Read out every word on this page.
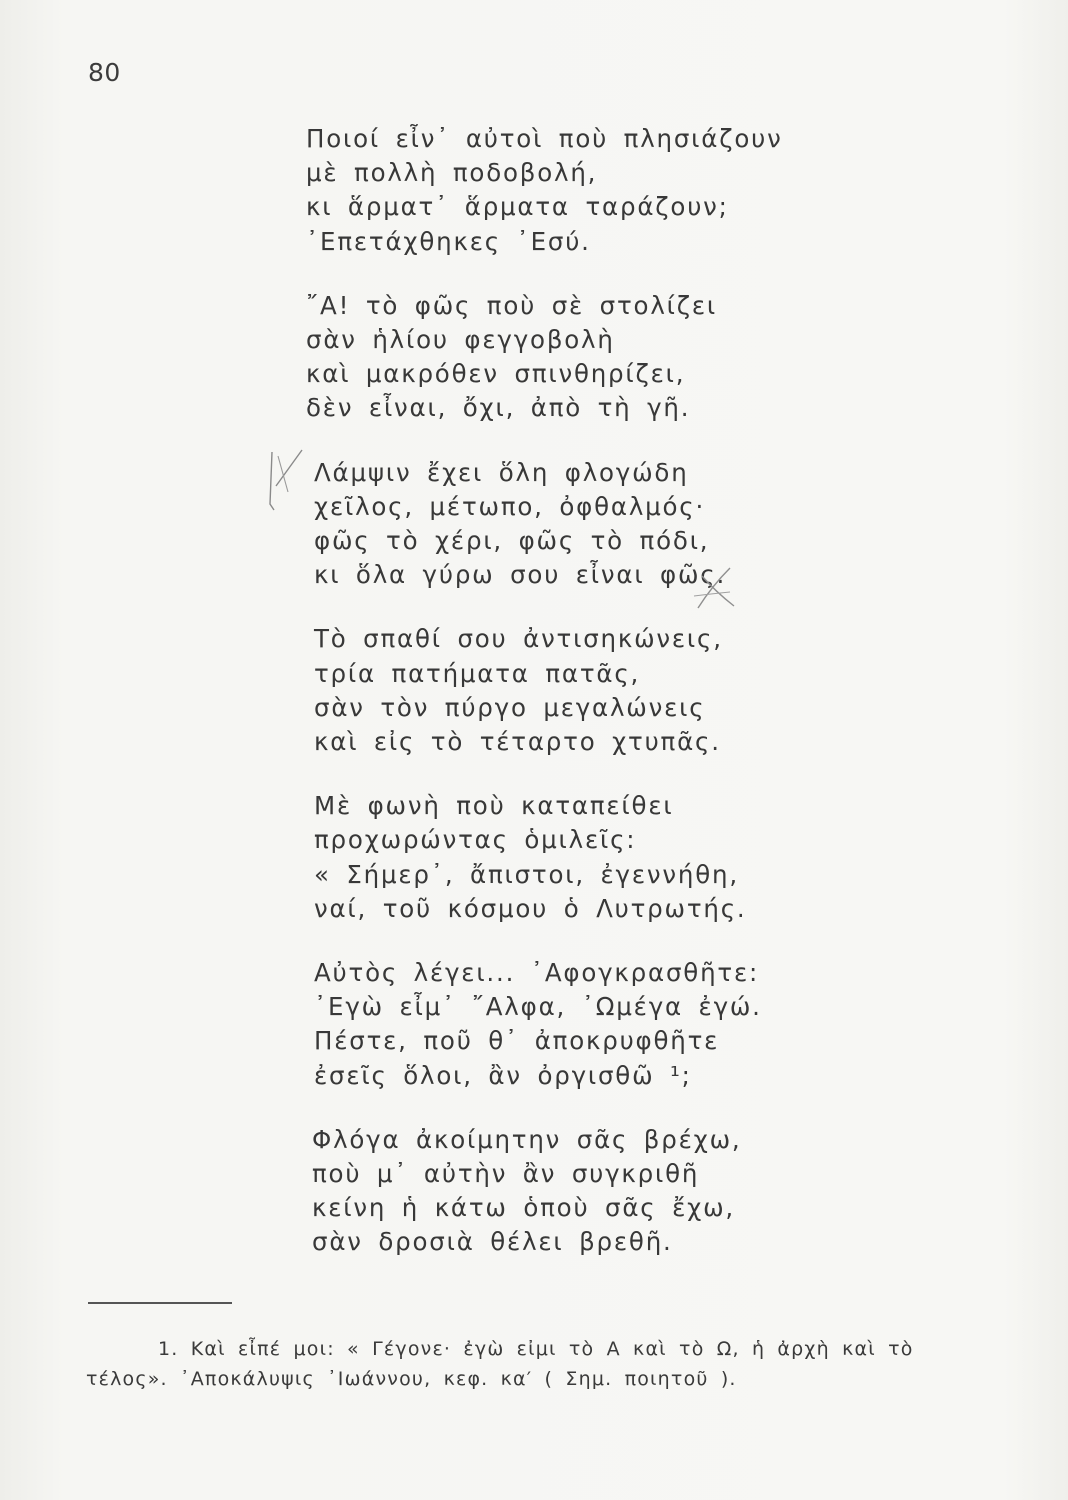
80
Ποιοί εἶν᾽ αὐτοὶ ποὺ πλησιάζουν
μὲ πολλὴ ποδοβολή,
κι ἅρματ᾽ ἅρματα ταράζουν;
᾽Επετάχθηκες ᾽Εσύ.
῎Α! τὸ φῶς ποὺ σὲ στολίζει
σὰν ἡλίου φεγγοβολὴ
καὶ μακρόθεν σπινθηρίζει,
δὲν εἶναι, ὄχι, ἀπὸ τὴ γῆ.
Λάμψιν ἔχει ὅλη φλογώδη
χεῖλος, μέτωπο, ὀφθαλμός·
φῶς τὸ χέρι, φῶς τὸ πόδι,
κι ὅλα γύρω σου εἶναι φῶς.
Τὸ σπαθί σου ἀντισηκώνεις,
τρία πατήματα πατᾶς,
σὰν τὸν πύργο μεγαλώνεις
καὶ εἰς τὸ τέταρτο χτυπᾶς.
Μὲ φωνὴ ποὺ καταπείθει
προχωρώντας ὁμιλεῖς:
« Σήμερ᾽, ἄπιστοι, ἐγεννήθη,
ναί, τοῦ κόσμου ὁ Λυτρωτής.
Αὐτὸς λέγει... ᾽Αφογκρασθῆτε:
᾽Εγὼ εἶμ᾽ ῎Αλφα, ᾽Ωμέγα ἐγώ.
Πέστε, ποῦ θ᾽ ἀποκρυφθῆτε
ἐσεῖς ὅλοι, ἂν ὀργισθῶ ¹;
Φλόγα ἀκοίμητην σᾶς βρέχω,
ποὺ μ᾽ αὐτὴν ἂν συγκριθῆ
κείνη ἡ κάτω ὁποὺ σᾶς ἔχω,
σὰν δροσιὰ θέλει βρεθῆ.
1. Καὶ εἶπέ μοι: « Γέγονε· ἐγὼ εἰμι τὸ Α καὶ τὸ Ω, ἡ ἀρχὴ καὶ τὸ
τέλος». ᾽Αποκάλυψις ᾽Ιωάννου, κεφ. κα′ ( Σημ. ποιητοῦ ).
